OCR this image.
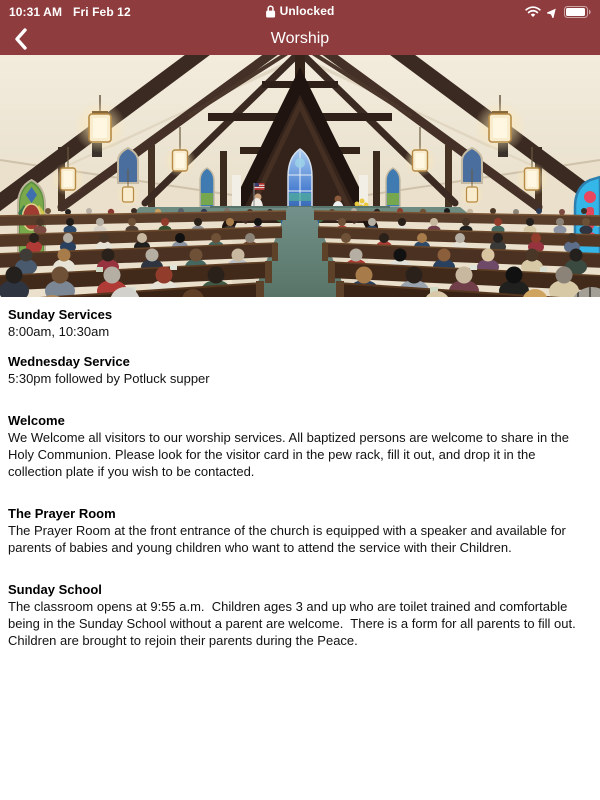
10:31 AM Fri Feb 12	Unlocked
Worship
Sunday Services
8:00am, 10:30am
Wednesday Service
5:30pm followed by Potluck supper
Welcome
We Welcome all visitors to our worship services. All baptized persons are welcome to share in the Holy Communion. Please look for the visitor card in the pew rack, fill it out, and drop it in the collection plate if you wish to be contacted.
The Prayer Room
The Prayer Room at the front entrance of the church is equipped with a speaker and available for parents of babies and young children who want to attend the service with their Children.
Sunday School
The classroom opens at 9:55 a.m.  Children ages 3 and up who are toilet trained and comfortable being in the Sunday School without a parent are welcome.  There is a form for all parents to fill out.  Children are brought to rejoin their parents during the Peace.
